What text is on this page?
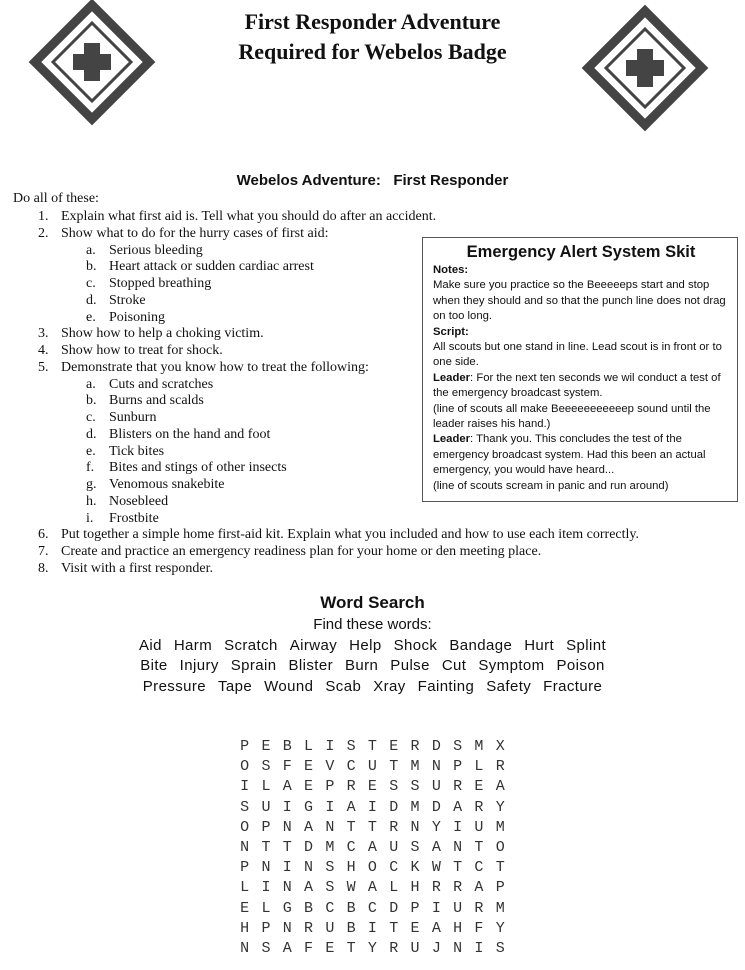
First Responder Adventure
Required for Webelos Badge
Webelos Adventure:   First Responder
Do all of these:
1. Explain what first aid is. Tell what you should do after an accident.
2. Show what to do for the hurry cases of first aid:
a. Serious bleeding
b. Heart attack or sudden cardiac arrest
c. Stopped breathing
d. Stroke
e. Poisoning
3. Show how to help a choking victim.
4. Show how to treat for shock.
5. Demonstrate that you know how to treat the following:
a. Cuts and scratches
b. Burns and scalds
c. Sunburn
d. Blisters on the hand and foot
e. Tick bites
f. Bites and stings of other insects
g. Venomous snakebite
h. Nosebleed
i. Frostbite
6. Put together a simple home first-aid kit. Explain what you included and how to use each item correctly.
7. Create and practice an emergency readiness plan for your home or den meeting place.
8. Visit with a first responder.
Emergency Alert System Skit

Notes:

Make sure you practice so the Beeeeeps start and stop when they should and so that the punch line does not drag on too long.

Script:

All scouts but one stand in line. Lead scout is in front or to one side.

Leader: For the next ten seconds we wil conduct a test of the emergency broadcast system.

(line of scouts all make Beeeeeeeeeeep sound until the leader raises his hand.)

Leader: Thank you. This concludes the test of the emergency broadcast system. Had this been an actual emergency, you would have heard...

(line of scouts scream in panic and run around)

Word Search
Find these words:
Aid Harm Scratch Airway Help Shock Bandage Hurt Splint
Bite Injury Sprain Blister Burn Pulse Cut Symptom Poison
Pressure Tape Wound Scab Xray Fainting Safety Fracture
P E B L I S T E R D S M X
O S F E V C U T M N P L R
I L A E P R E S S U R E A
S U I G I A I D M D A R Y
O P N A N T T R N Y I U M
N T T D M C A U S A N T O
P N I N S H O C K W T C T
L I N A S W A L H R R A P
E L G B C B C D P I U R M
H P N R U B I T E A H F Y
N S A F E T Y R U J N I S
